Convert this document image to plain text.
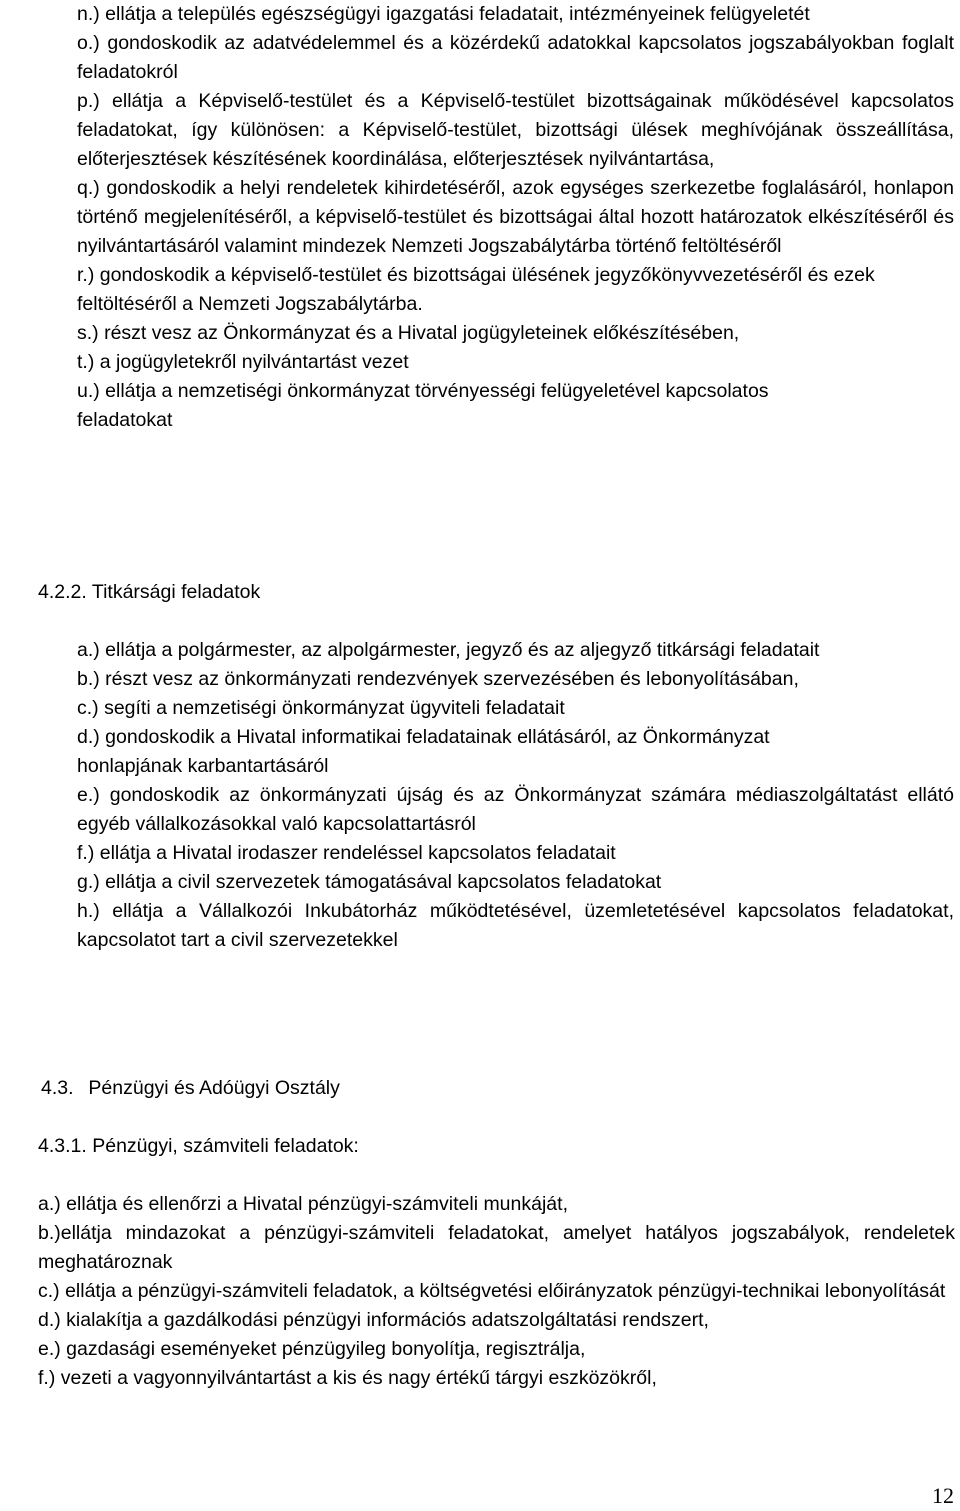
n.) ellátja a település egészségügyi igazgatási feladatait, intézményeinek felügyeletét

o.) gondoskodik az adatvédelemmel és a közérdekű adatokkal kapcsolatos jogszabályokban foglalt feladatokról

p.) ellátja a Képviselő-testület és a Képviselő-testület bizottságainak működésével kapcsolatos feladatokat, így különösen: a Képviselő-testület, bizottsági ülések meghívójának összeállítása, előterjesztések készítésének koordinálása, előterjesztések nyilvántartása,

q.) gondoskodik a helyi rendeletek kihirdetéséről, azok egységes szerkezetbe foglalásáról, honlapon történő megjelenítéséről, a képviselő-testület és bizottságai által hozott határozatok elkészítéséről és nyilvántartásáról valamint mindezek Nemzeti Jogszabálytárba történő feltöltéséről

r.) gondoskodik a képviselő-testület és bizottságai ülésének jegyzőkönyvvezetéséről és ezek feltöltéséről a Nemzeti Jogszabálytárba.

s.) részt vesz az Önkormányzat és a Hivatal jogügyleteinek előkészítésében,

t.) a jogügyletekről nyilvántartást vezet

u.) ellátja a nemzetiségi önkormányzat törvényességi felügyeletével kapcsolatos feladatokat

4.2.2. Titkársági feladatok

a.) ellátja a polgármester, az alpolgármester, jegyző és az aljegyző titkársági feladatait

b.) részt vesz az önkormányzati rendezvények szervezésében és lebonyolításában,

c.) segíti a nemzetiségi önkormányzat ügyviteli feladatait

d.) gondoskodik a Hivatal informatikai feladatainak ellátásáról, az Önkormányzat honlapjának karbantartásáról

e.) gondoskodik az önkormányzati újság és az Önkormányzat számára médiaszolgáltatást ellátó egyéb vállalkozásokkal való kapcsolattartásról

f.) ellátja a Hivatal irodaszer rendeléssel kapcsolatos feladatait

g.) ellátja a civil szervezetek támogatásával kapcsolatos feladatokat

h.) ellátja a Vállalkozói Inkubátorház működtetésével, üzemletetésével kapcsolatos feladatokat, kapcsolatot tart a civil szervezetekkel

4.3. Pénzügyi és Adóügyi Osztály
4.3.1. Pénzügyi, számviteli feladatok:

a.) ellátja és ellenőrzi a Hivatal pénzügyi-számviteli munkáját,

b.)ellátja mindazokat a pénzügyi-számviteli feladatokat, amelyet hatályos jogszabályok, rendeletek meghatároznak

c.) ellátja a pénzügyi-számviteli feladatok, a költségvetési előirányzatok pénzügyi-technikai lebonyolítását

d.) kialakítja a gazdálkodási pénzügyi információs adatszolgáltatási rendszert,

e.) gazdasági eseményeket pénzügyileg bonyolítja, regisztrálja,

f.) vezeti a vagyonnyilvántartást a kis és nagy értékű tárgyi eszközökről,

12
